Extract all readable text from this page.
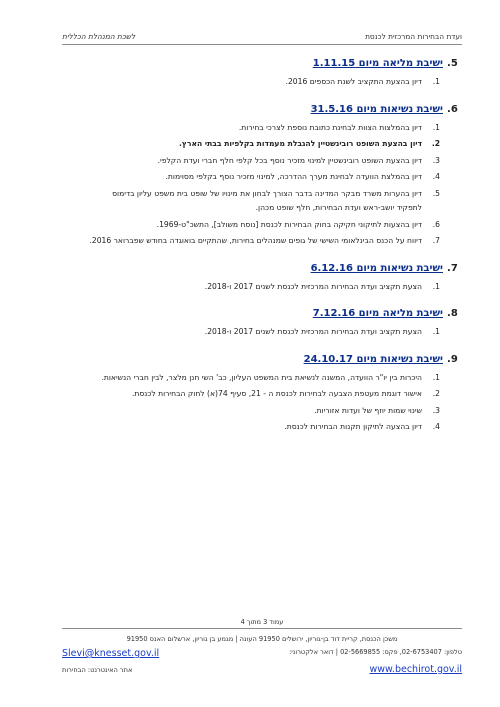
ועדת הבחירות המרכזית לכנסת
לשכת המנהלת הכללית
5.ישיבת מליאה מיום 1.11.15
1.
דיון בהצעת התקציב לשנת הכספים 2016.
6.ישיבת נשיאות מיום 31.5.16
1.
דיון בהמלצות הצוות לבחינת כתובת נוספת לצרכי בחירות.
2.
דיון בהצעת השופט רובינשטיין להגבלת מעמדות בקלפיות בבתי הארץ.
3.
דיון בהצעת השופט רובינשטיין למינוי מזכיר נוסף בכל קלפי חלף חברי ועדת הקלפי.
4.
דיון בהמלצת הוועדה לבחינת מערך ההדרכה, למינוי מזכיר נוסף בקלפי מסוימות.
5.
דיון בהערות משרד מבקר המדינה בדבר הצורך לבחון את מינויו של שופט בית משפט עליון בדימוס לתפקיד יושב-ראש ועדת הבחירות, חלף שופט מכהן.
6.
דיון בהצעות לתיקוני חקיקה בחוק הבחירות לכנסת [נוסח משולב], התשכ"ט-1969.
7.
דיווח על הכנס הבינלאומי השישי של גופים שמנהלים בחירות, שהתקיים בואוגדה בחודש שפברואר 2016.
7.ישיבת נשיאות מיום 6.12.16
1.
הצעת תקציב ועדת הבחירות המרכזית לכנסת לשנים 2017 ו-2018.
8.ישיבת מליאה מיום 7.12.16
1.
הצעת תקציב ועדת הבחירות המרכזית לכנסת לשנים 2017 ו-2018.
9.ישיבת נשיאות מיום 24.10.17
1.
היכרות בין יו"ר הוועדה, המשנה לנשיאת בית המשפט העליון, כב' השי חנן מלצר, לבין חברי הנשיאות.
2.
אישור דוגמת מעטפת הצבעה לבחירות לכנסת ה - 21, סעיף 74(א) לחוק הבחירות לכנסת.
3.
שינוי שמות יוזף של ועדות אזוריות.
4.
דיון בהצעה לתיקון תקנות הבחירות לכנסת.
עמוד 3 מתוך 4
משכן הכנסת, קריית דוד בן-גוריון, ירושלים 91950 העונה | מגמע בן גוריון, ארשלום האנס 91950
טלפון: 02-6753407, פקס: 02-5669855 | דואר אלקטרוני:
Slevi@knesset.gov.il
www.bechirot.gov.il
אתר האינטרנט: הבחירות
